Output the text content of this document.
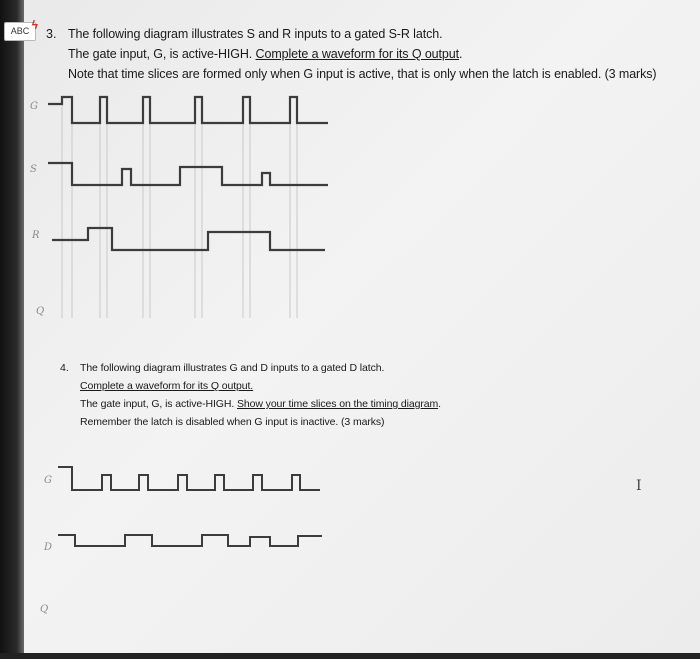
ABC ϟ
3. The following diagram illustrates S and R inputs to a gated S-R latch.
The gate input, G, is active-HIGH. Complete a waveform for its Q output.
Note that time slices are formed only when G input is active, that is only when the latch is enabled. (3 marks)
G
S
R
Q
4. The following diagram illustrates G and D inputs to a gated D latch.
Complete a waveform for its Q output.
The gate input, G, is active-HIGH. Show your time slices on the timing diagram.
Remember the latch is disabled when G input is inactive. (3 marks)
G
D
Q
I
